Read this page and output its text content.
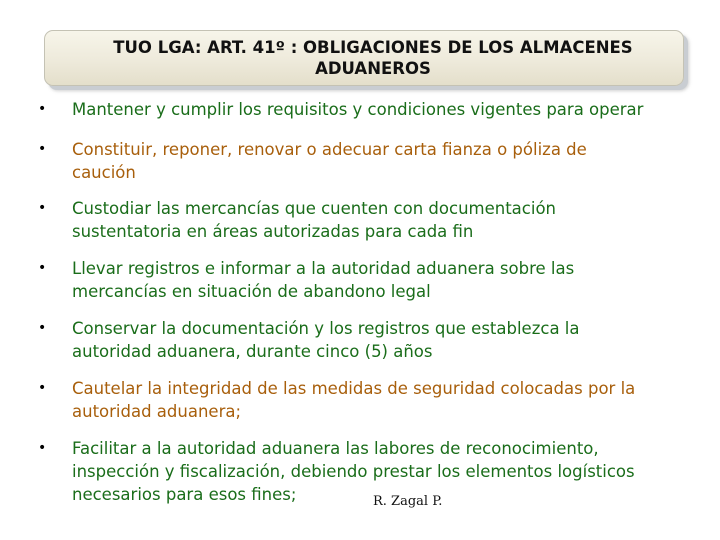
TUO LGA: ART. 41º : OBLIGACIONES DE LOS ALMACENES
ADUANEROS
•	Mantener y cumplir los requisitos y condiciones vigentes para operar
•	Constituir, reponer, renovar o adecuar carta fianza o póliza de
caución
•	Custodiar las mercancías que cuenten con documentación
sustentatoria en áreas autorizadas para cada fin
•	Llevar registros e informar a la autoridad aduanera sobre las
mercancías en situación de abandono legal
•	Conservar la documentación y los registros que establezca la
autoridad aduanera, durante cinco (5) años
•	Cautelar la integridad de las medidas de seguridad colocadas por la
autoridad aduanera;
•	Facilitar a la autoridad aduanera las labores de reconocimiento,
inspección y fiscalización, debiendo prestar los elementos logísticos
necesarios para esos fines;	R. Zagal P.
